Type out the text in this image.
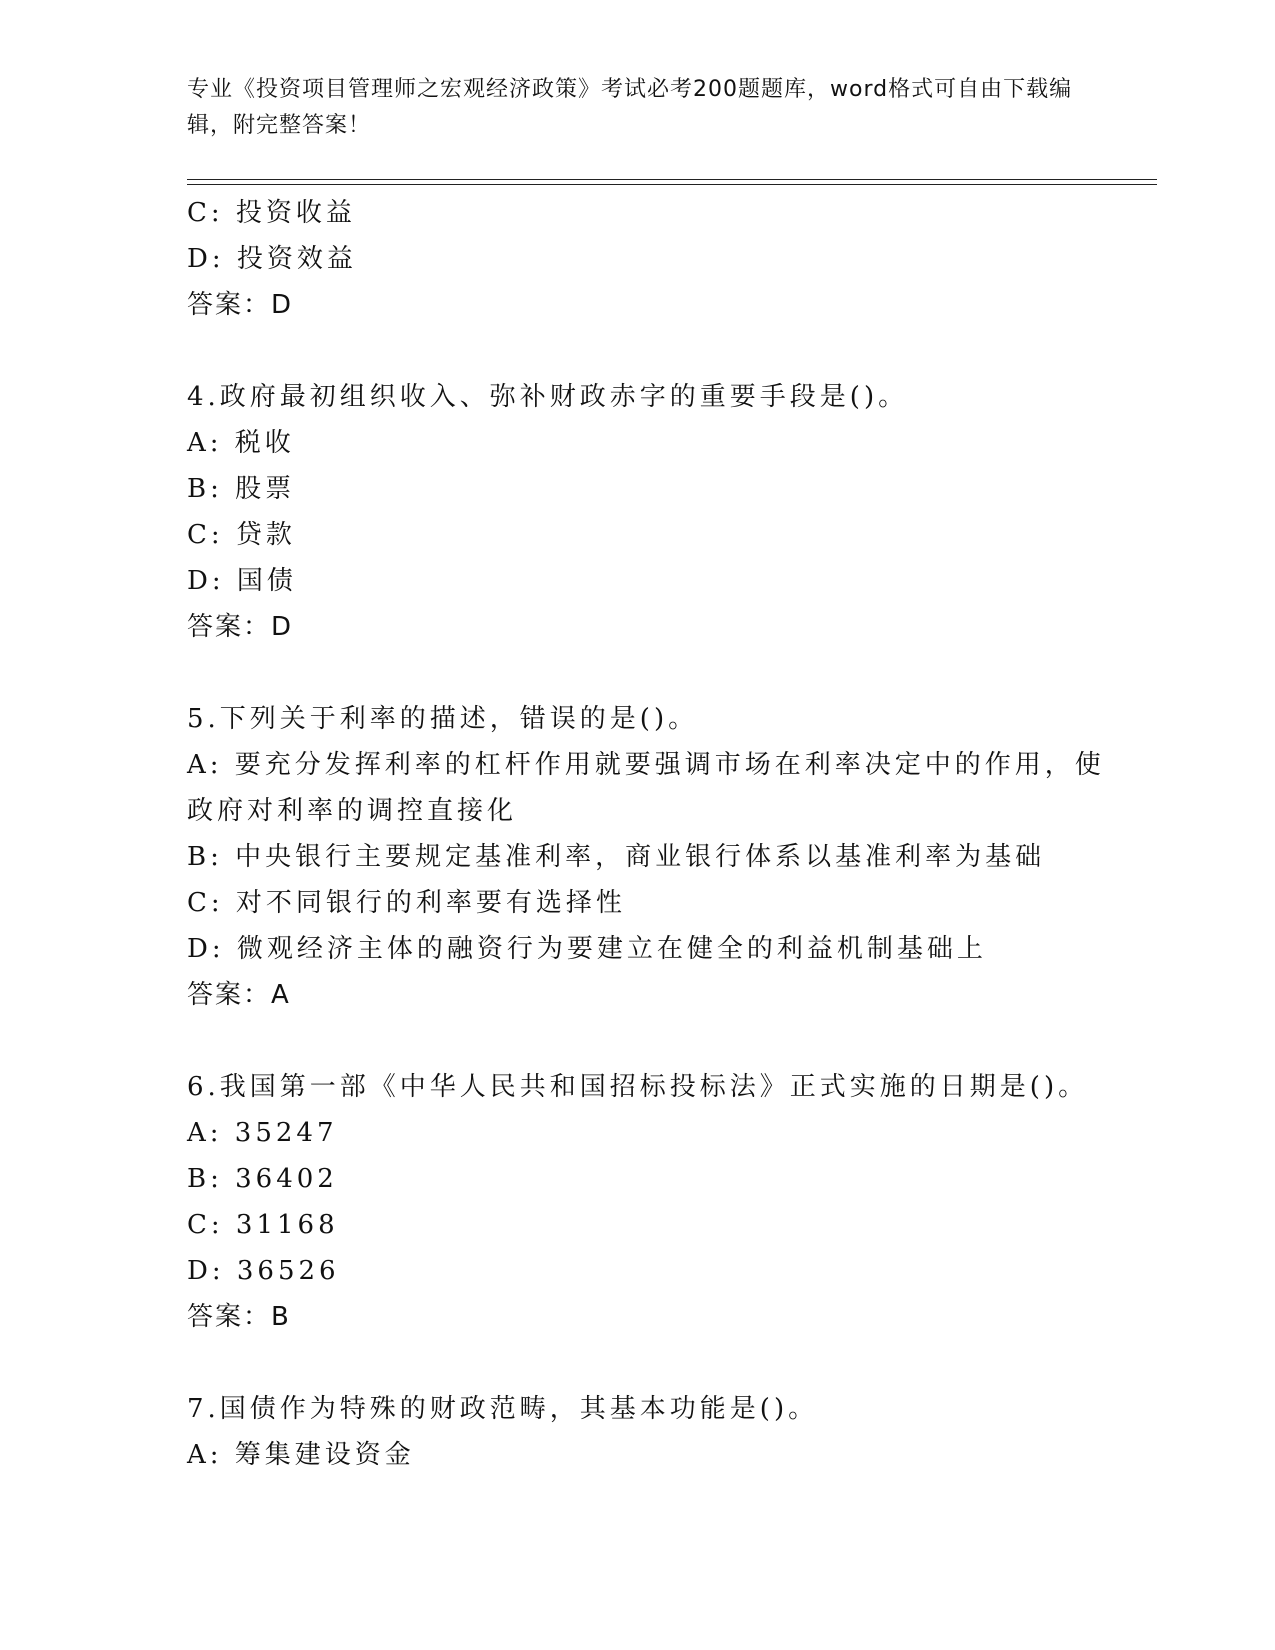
专业《投资项目管理师之宏观经济政策》考试必考200题题库，word格式可自由下载编辑，附完整答案！
C: 投资收益
D: 投资效益
答案：D
4.政府最初组织收入、弥补财政赤字的重要手段是()。
A: 税收
B: 股票
C: 贷款
D: 国债
答案：D
5.下列关于利率的描述，错误的是()。
A: 要充分发挥利率的杠杆作用就要强调市场在利率决定中的作用，使
政府对利率的调控直接化
B: 中央银行主要规定基准利率，商业银行体系以基准利率为基础
C: 对不同银行的利率要有选择性
D: 微观经济主体的融资行为要建立在健全的利益机制基础上
答案：A
6.我国第一部《中华人民共和国招标投标法》正式实施的日期是()。
A: 35247
B: 36402
C: 31168
D: 36526
答案：B
7.国债作为特殊的财政范畴，其基本功能是()。
A: 筹集建设资金
